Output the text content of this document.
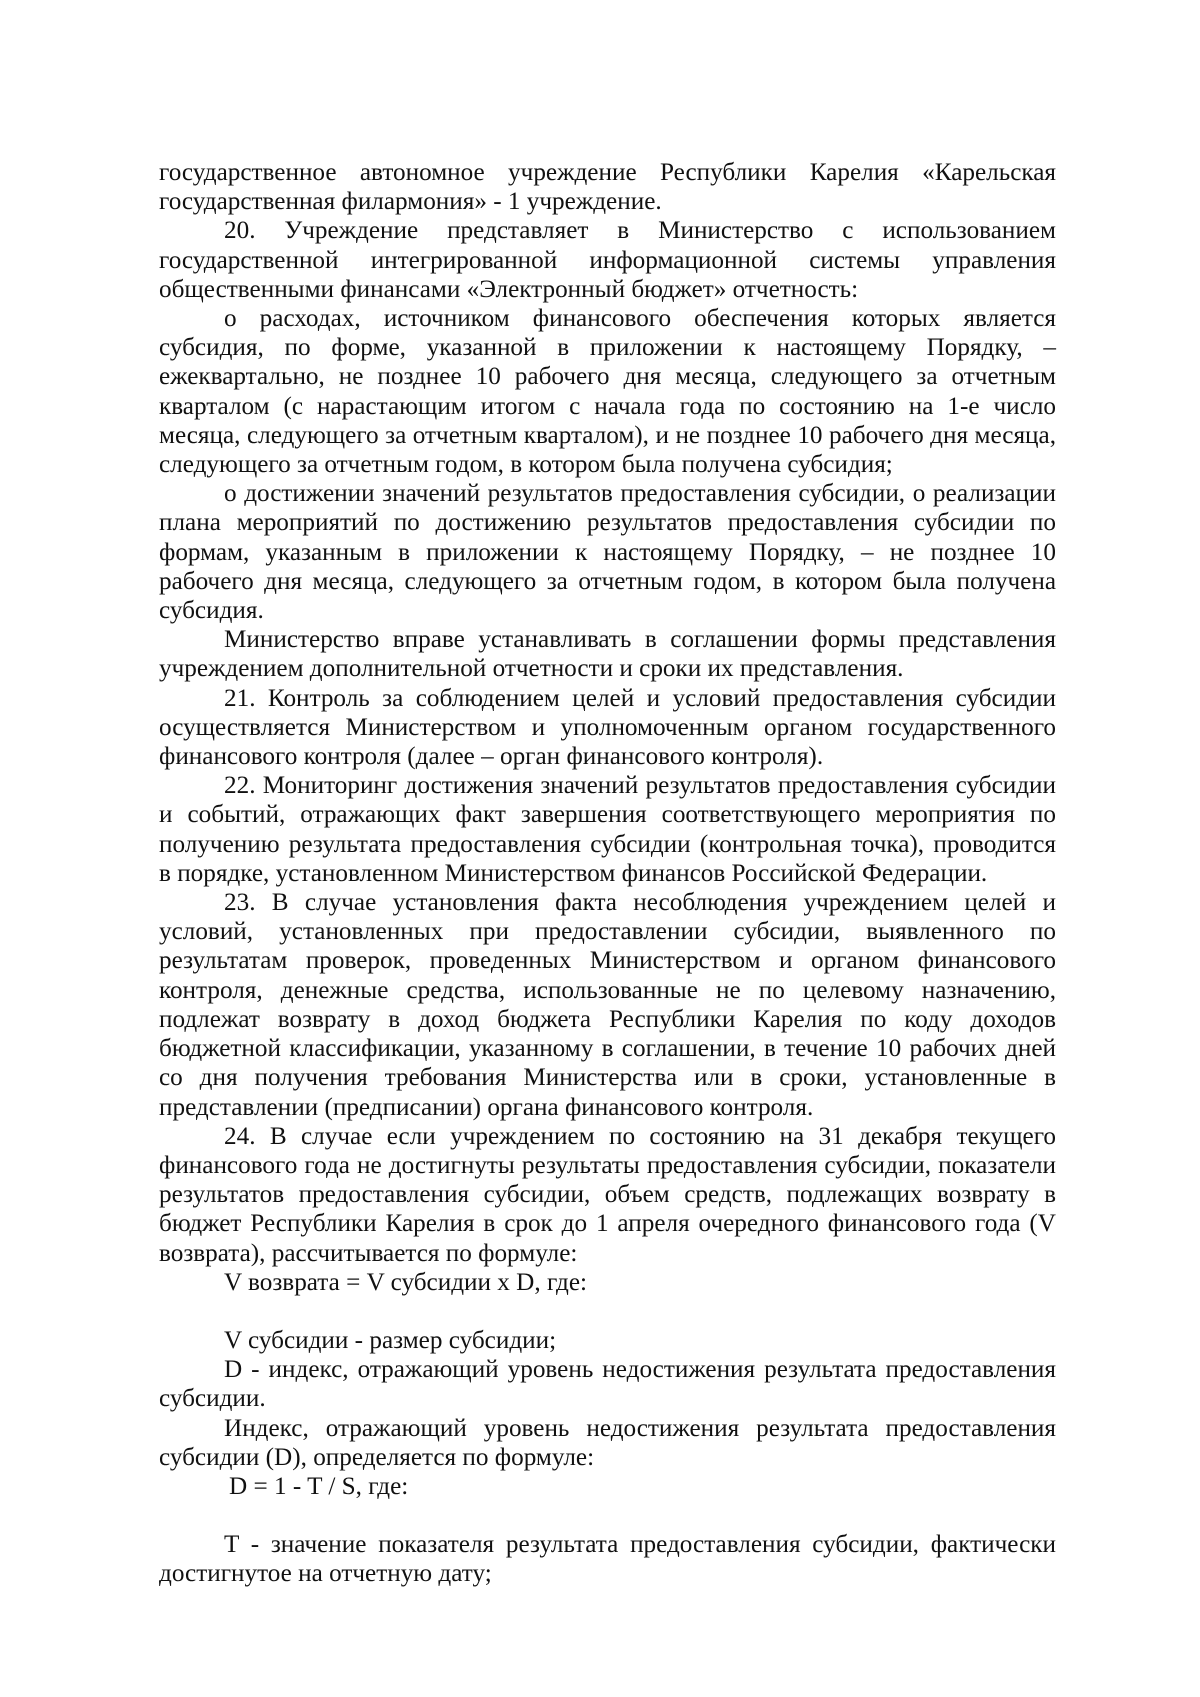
государственное автономное учреждение Республики Карелия «Карельская государственная филармония» - 1 учреждение.

20. Учреждение представляет в Министерство с использованием государственной интегрированной информационной системы управления общественными финансами «Электронный бюджет» отчетность:

о расходах, источником финансового обеспечения которых является субсидия, по форме, указанной в приложении к настоящему Порядку, – ежеквартально, не позднее 10 рабочего дня месяца, следующего за отчетным кварталом (с нарастающим итогом с начала года по состоянию на 1-е число месяца, следующего за отчетным кварталом), и не позднее 10 рабочего дня месяца, следующего за отчетным годом, в котором была получена субсидия;

о достижении значений результатов предоставления субсидии, о реализации плана мероприятий по достижению результатов предоставления субсидии по формам, указанным в приложении к настоящему Порядку, – не позднее 10 рабочего дня месяца, следующего за отчетным годом, в котором была получена субсидия.

Министерство вправе устанавливать в соглашении формы представления учреждением дополнительной отчетности и сроки их представления.

21. Контроль за соблюдением целей и условий предоставления субсидии осуществляется Министерством и уполномоченным органом государственного финансового контроля (далее – орган финансового контроля).

22. Мониторинг достижения значений результатов предоставления субсидии и событий, отражающих факт завершения соответствующего мероприятия по получению результата предоставления субсидии (контрольная точка), проводится в порядке, установленном Министерством финансов Российской Федерации.

23. В случае установления факта несоблюдения учреждением целей и условий, установленных при предоставлении субсидии, выявленного по результатам проверок, проведенных Министерством и органом финансового контроля, денежные средства, использованные не по целевому назначению, подлежат возврату в доход бюджета Республики Карелия по коду доходов бюджетной классификации, указанному в соглашении, в течение 10 рабочих дней со дня получения требования Министерства или в сроки, установленные в представлении (предписании) органа финансового контроля.

24. В случае если учреждением по состоянию на 31 декабря текущего финансового года не достигнуты результаты предоставления субсидии, показатели результатов предоставления субсидии, объем средств, подлежащих возврату в бюджет Республики Карелия в срок до 1 апреля очередного финансового года (V возврата), рассчитывается по формуле:

V возврата = V субсидии x D, где:

V субсидии - размер субсидии;

D - индекс, отражающий уровень недостижения результата предоставления субсидии.

Индекс, отражающий уровень недостижения результата предоставления субсидии (D), определяется по формуле:

D = 1 - T / S, где:

T - значение показателя результата предоставления субсидии, фактически достигнутое на отчетную дату;
